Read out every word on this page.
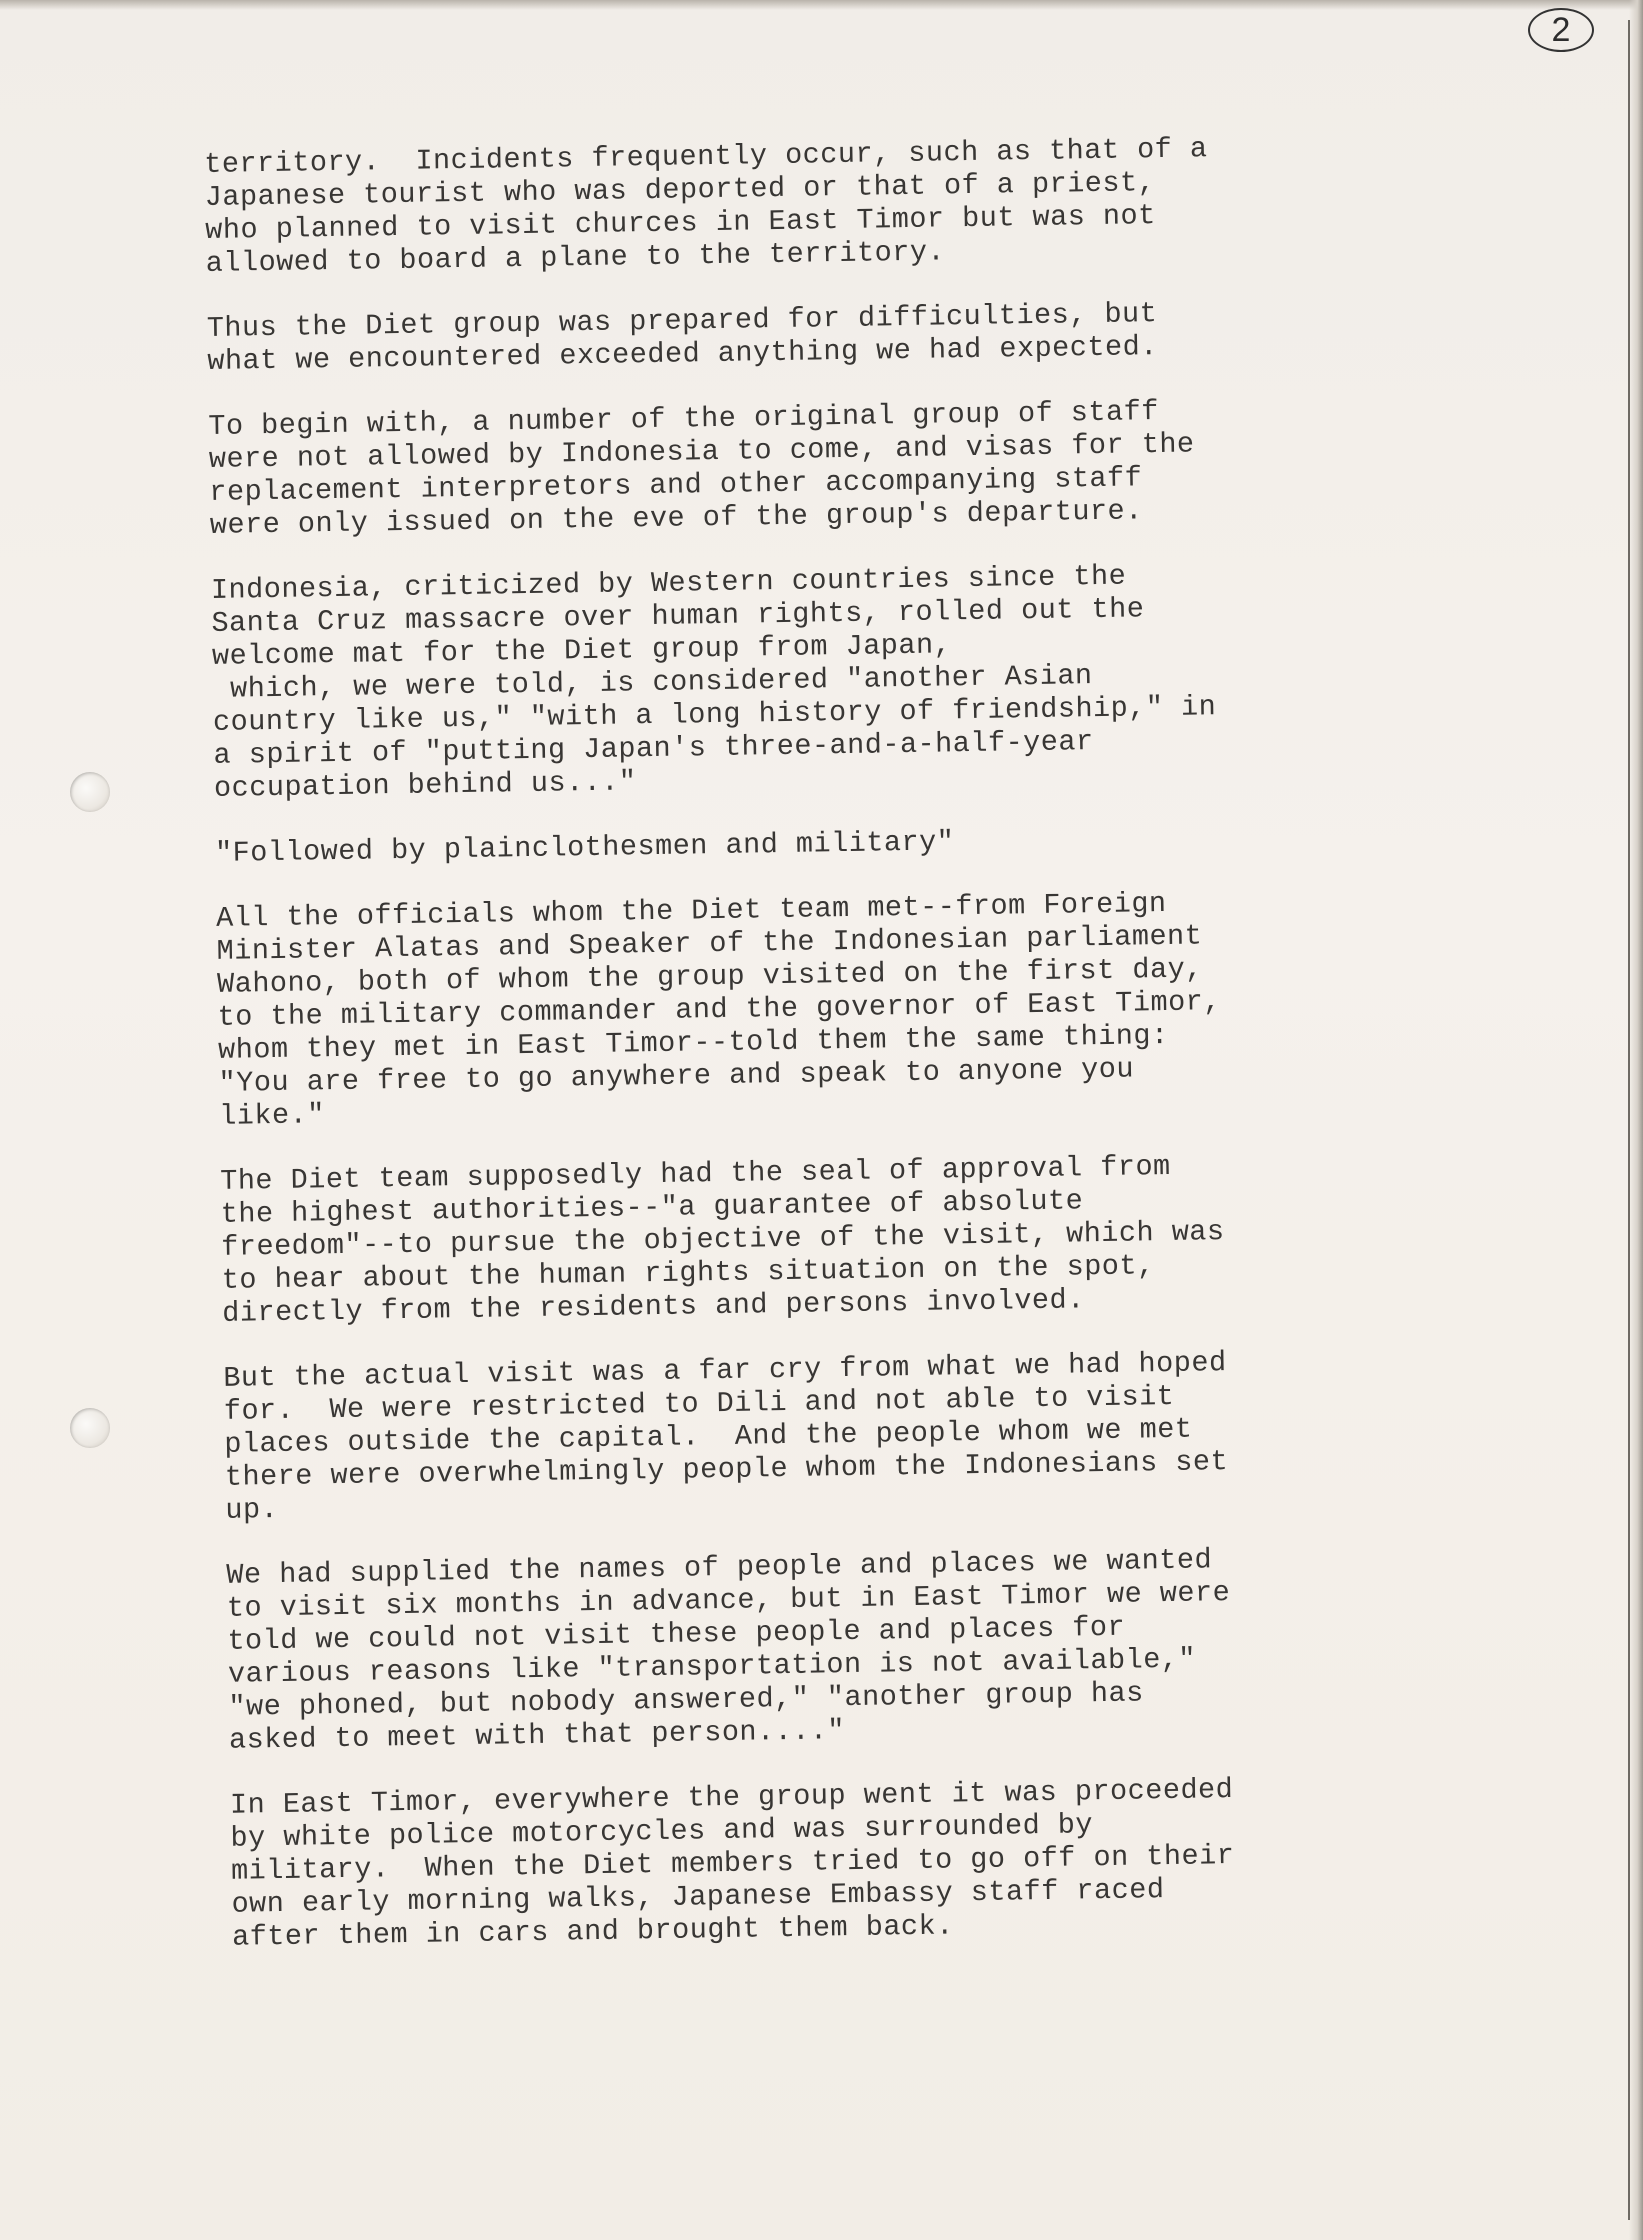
2

territory.  Incidents frequently occur, such as that of a
Japanese tourist who was deported or that of a priest,
who planned to visit churces in East Timor but was not
allowed to board a plane to the territory.

Thus the Diet group was prepared for difficulties, but
what we encountered exceeded anything we had expected.

To begin with, a number of the original group of staff
were not allowed by Indonesia to come, and visas for the
replacement interpretors and other accompanying staff
were only issued on the eve of the group's departure.

Indonesia, criticized by Western countries since the
Santa Cruz massacre over human rights, rolled out the
welcome mat for the Diet group from Japan,
which, we were told, is considered "another Asian
country like us," "with a long history of friendship," in
a spirit of "putting Japan's three-and-a-half-year
occupation behind us..."

"Followed by plainclothesmen and military"

All the officials whom the Diet team met--from Foreign
Minister Alatas and Speaker of the Indonesian parliament
Wahono, both of whom the group visited on the first day,
to the military commander and the governor of East Timor,
whom they met in East Timor--told them the same thing:
"You are free to go anywhere and speak to anyone you
like."

The Diet team supposedly had the seal of approval from
the highest authorities--"a guarantee of absolute
freedom"--to pursue the objective of the visit, which was
to hear about the human rights situation on the spot,
directly from the residents and persons involved.

But the actual visit was a far cry from what we had hoped
for.  We were restricted to Dili and not able to visit
places outside the capital.  And the people whom we met
there were overwhelmingly people whom the Indonesians set
up.

We had supplied the names of people and places we wanted
to visit six months in advance, but in East Timor we were
told we could not visit these people and places for
various reasons like "transportation is not available,"
"we phoned, but nobody answered," "another group has
asked to meet with that person...."

In East Timor, everywhere the group went it was proceeded
by white police motorcycles and was surrounded by
military.  When the Diet members tried to go off on their
own early morning walks, Japanese Embassy staff raced
after them in cars and brought them back.
